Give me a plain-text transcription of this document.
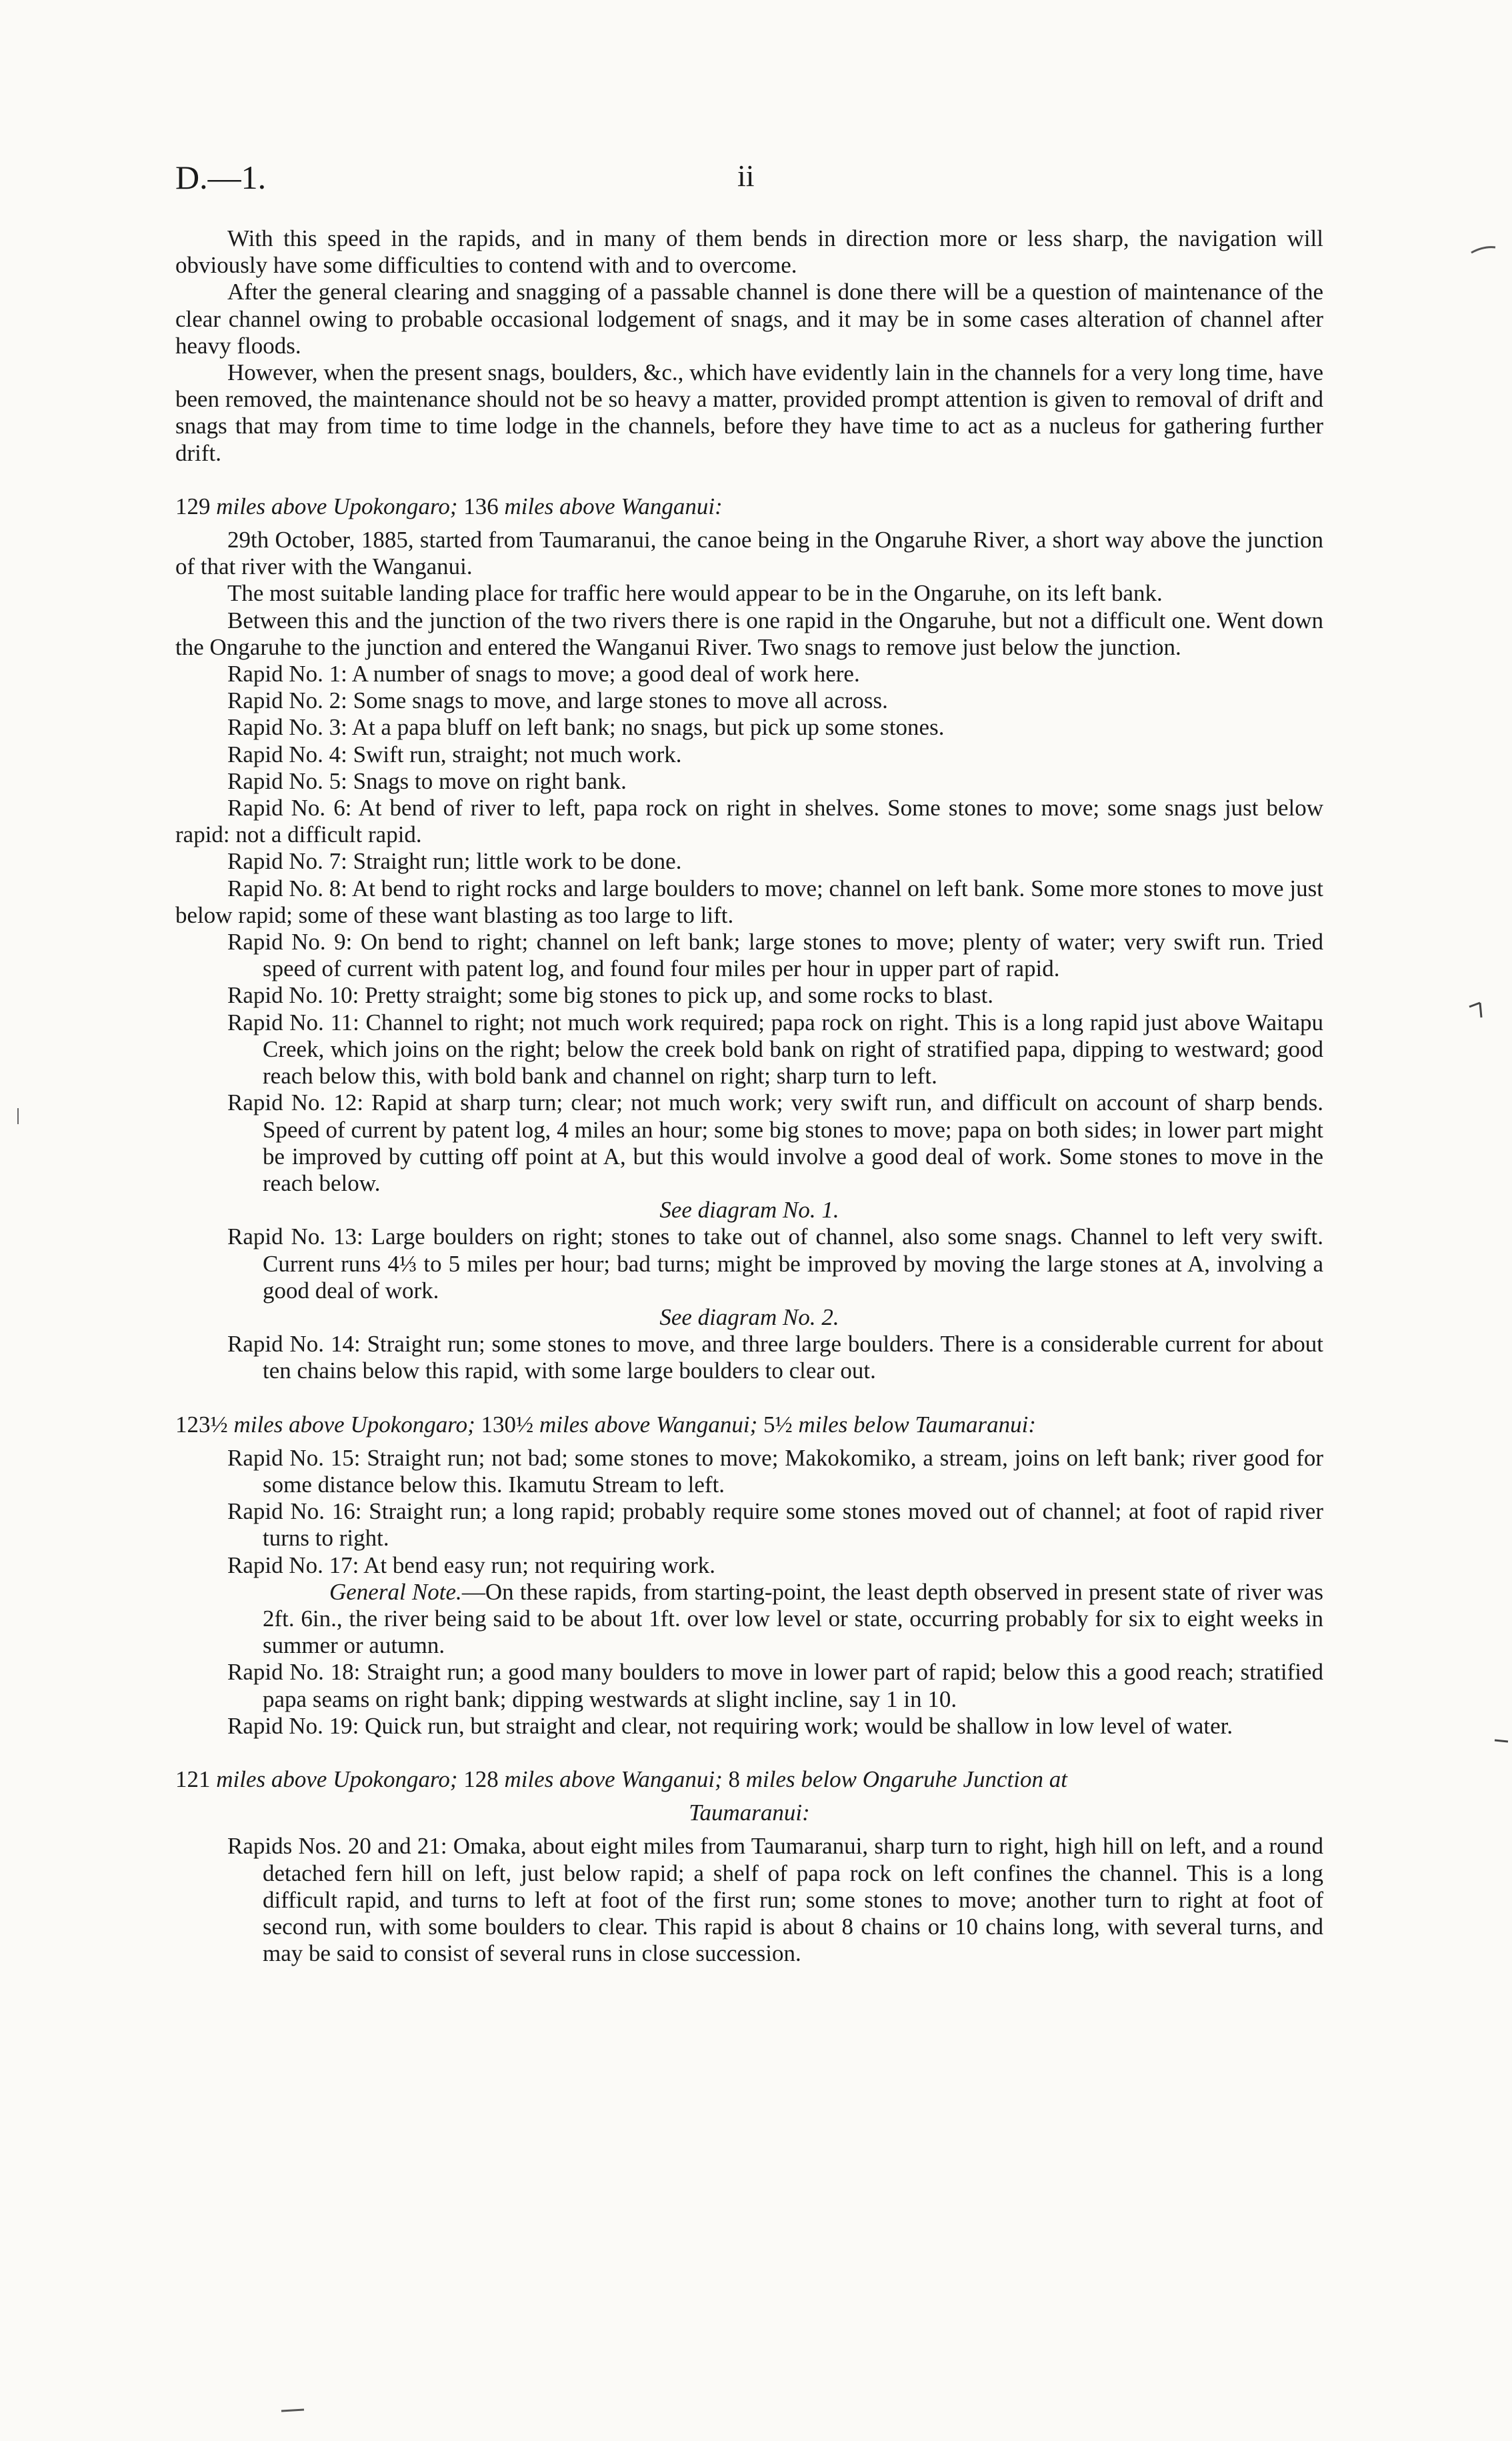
D.—1.	ii

With this speed in the rapids, and in many of them bends in direction more or less sharp, the navigation will obviously have some difficulties to contend with and to overcome.

After the general clearing and snagging of a passable channel is done there will be a question of maintenance of the clear channel owing to probable occasional lodgement of snags, and it may be in some cases alteration of channel after heavy floods.

However, when the present snags, boulders, &c., which have evidently lain in the channels for a very long time, have been removed, the maintenance should not be so heavy a matter, provided prompt attention is given to removal of drift and snags that may from time to time lodge in the channels, before they have time to act as a nucleus for gathering further drift.

129 miles above Upokongaro; 136 miles above Wanganui:

29th October, 1885, started from Taumaranui, the canoe being in the Ongaruhe River, a short way above the junction of that river with the Wanganui.

The most suitable landing place for traffic here would appear to be in the Ongaruhe, on its left bank.

Between this and the junction of the two rivers there is one rapid in the Ongaruhe, but not a difficult one. Went down the Ongaruhe to the junction and entered the Wanganui River. Two snags to remove just below the junction.

Rapid No. 1: A number of snags to move; a good deal of work here.

Rapid No. 2: Some snags to move, and large stones to move all across.

Rapid No. 3: At a papa bluff on left bank; no snags, but pick up some stones.

Rapid No. 4: Swift run, straight; not much work.

Rapid No. 5: Snags to move on right bank.

Rapid No. 6: At bend of river to left, papa rock on right in shelves. Some stones to move; some snags just below rapid: not a difficult rapid.

Rapid No. 7: Straight run; little work to be done.

Rapid No. 8: At bend to right rocks and large boulders to move; channel on left bank. Some more stones to move just below rapid; some of these want blasting as too large to lift.

Rapid No. 9: On bend to right; channel on left bank; large stones to move; plenty of water; very swift run. Tried speed of current with patent log, and found four miles per hour in upper part of rapid.

Rapid No. 10: Pretty straight; some big stones to pick up, and some rocks to blast.

Rapid No. 11: Channel to right; not much work required; papa rock on right. This is a long rapid just above Waitapu Creek, which joins on the right; below the creek bold bank on right of stratified papa, dipping to westward; good reach below this, with bold bank and channel on right; sharp turn to left.

Rapid No. 12: Rapid at sharp turn; clear; not much work; very swift run, and difficult on account of sharp bends. Speed of current by patent log, 4 miles an hour; some big stones to move; papa on both sides; in lower part might be improved by cutting off point at A, but this would involve a good deal of work. Some stones to move in the reach below.

See diagram No. 1.

Rapid No. 13: Large boulders on right; stones to take out of channel, also some snags. Channel to left very swift. Current runs 4⅓ to 5 miles per hour; bad turns; might be improved by moving the large stones at A, involving a good deal of work.

See diagram No. 2.

Rapid No. 14: Straight run; some stones to move, and three large boulders. There is a considerable current for about ten chains below this rapid, with some large boulders to clear out.

123½ miles above Upokongaro; 130½ miles above Wanganui; 5½ miles below Taumaranui:

Rapid No. 15: Straight run; not bad; some stones to move; Makokomiko, a stream, joins on left bank; river good for some distance below this. Ikamutu Stream to left.

Rapid No. 16: Straight run; a long rapid; probably require some stones moved out of channel; at foot of rapid river turns to right.

Rapid No. 17: At bend easy run; not requiring work.

General Note.—On these rapids, from starting-point, the least depth observed in present state of river was 2ft. 6in., the river being said to be about 1ft. over low level or state, occurring probably for six to eight weeks in summer or autumn.

Rapid No. 18: Straight run; a good many boulders to move in lower part of rapid; below this a good reach; stratified papa seams on right bank; dipping westwards at slight incline, say 1 in 10.

Rapid No. 19: Quick run, but straight and clear, not requiring work; would be shallow in low level of water.

121 miles above Upokongaro; 128 miles above Wanganui; 8 miles below Ongaruhe Junction at

Taumaranui:

Rapids Nos. 20 and 21: Omaka, about eight miles from Taumaranui, sharp turn to right, high hill on left, and a round detached fern hill on left, just below rapid; a shelf of papa rock on left confines the channel. This is a long difficult rapid, and turns to left at foot of the first run; some stones to move; another turn to right at foot of second run, with some boulders to clear. This rapid is about 8 chains or 10 chains long, with several turns, and may be said to consist of several runs in close succession.
